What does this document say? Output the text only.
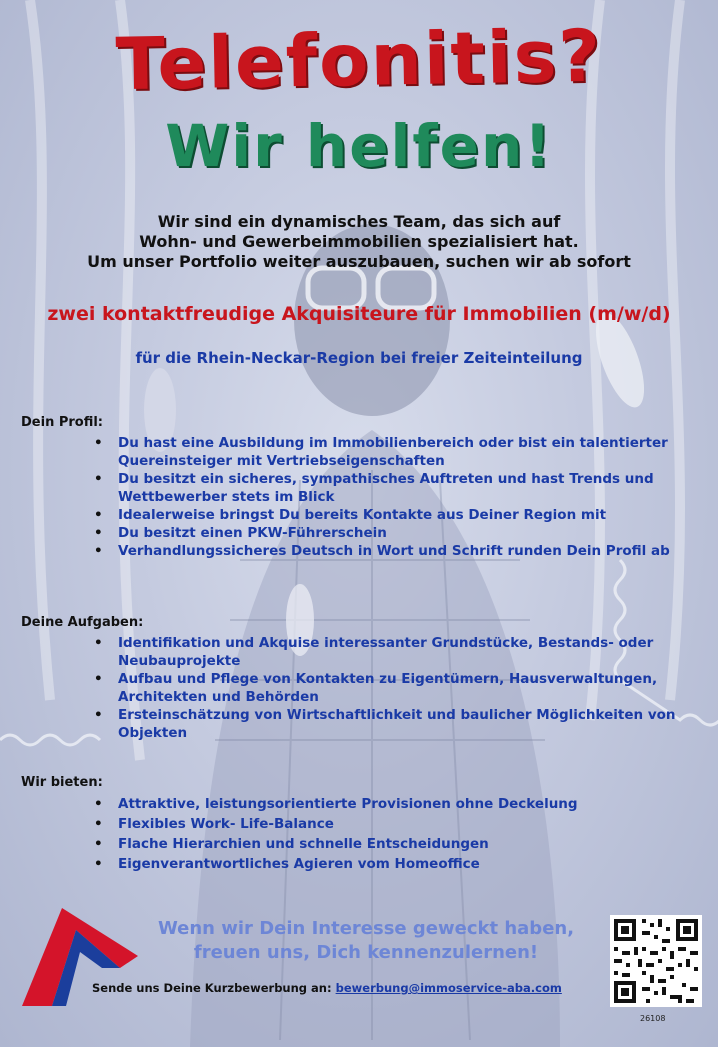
Telefonitis?
Wir helfen!
Wir sind ein dynamisches Team, das sich auf
Wohn- und Gewerbeimmobilien spezialisiert hat.
Um unser Portfolio weiter auszubauen, suchen wir ab sofort
zwei kontaktfreudige Akquisiteure für Immobilien (m/w/d)
für die Rhein-Neckar-Region bei freier Zeiteinteilung
Dein Profil:
• Du hast eine Ausbildung im Immobilienbereich oder bist ein talentierter Quereinsteiger mit Vertriebseigenschaften
• Du besitzt ein sicheres, sympathisches Auftreten und hast Trends und Wettbewerber stets im Blick
• Idealerweise bringst Du bereits Kontakte aus Deiner Region mit
• Du besitzt einen PKW-Führerschein
• Verhandlungssicheres Deutsch in Wort und Schrift runden Dein Profil ab
Deine Aufgaben:
• Identifikation und Akquise interessanter Grundstücke, Bestands- oder Neubauprojekte
• Aufbau und Pflege von Kontakten zu Eigentümern, Hausverwaltungen, Architekten und Behörden
• Ersteinschätzung von Wirtschaftlichkeit und baulicher Möglichkeiten von Objekten
Wir bieten:
• Attraktive, leistungsorientierte Provisionen ohne Deckelung
• Flexibles Work- Life-Balance
• Flache Hierarchien und schnelle Entscheidungen
• Eigenverantwortliches Agieren vom Homeoffice
Wenn wir Dein Interesse geweckt haben,
freuen uns, Dich kennenzulernen!
Sende uns Deine Kurzbewerbung an: bewerbung@immoservice-aba.com
26108
